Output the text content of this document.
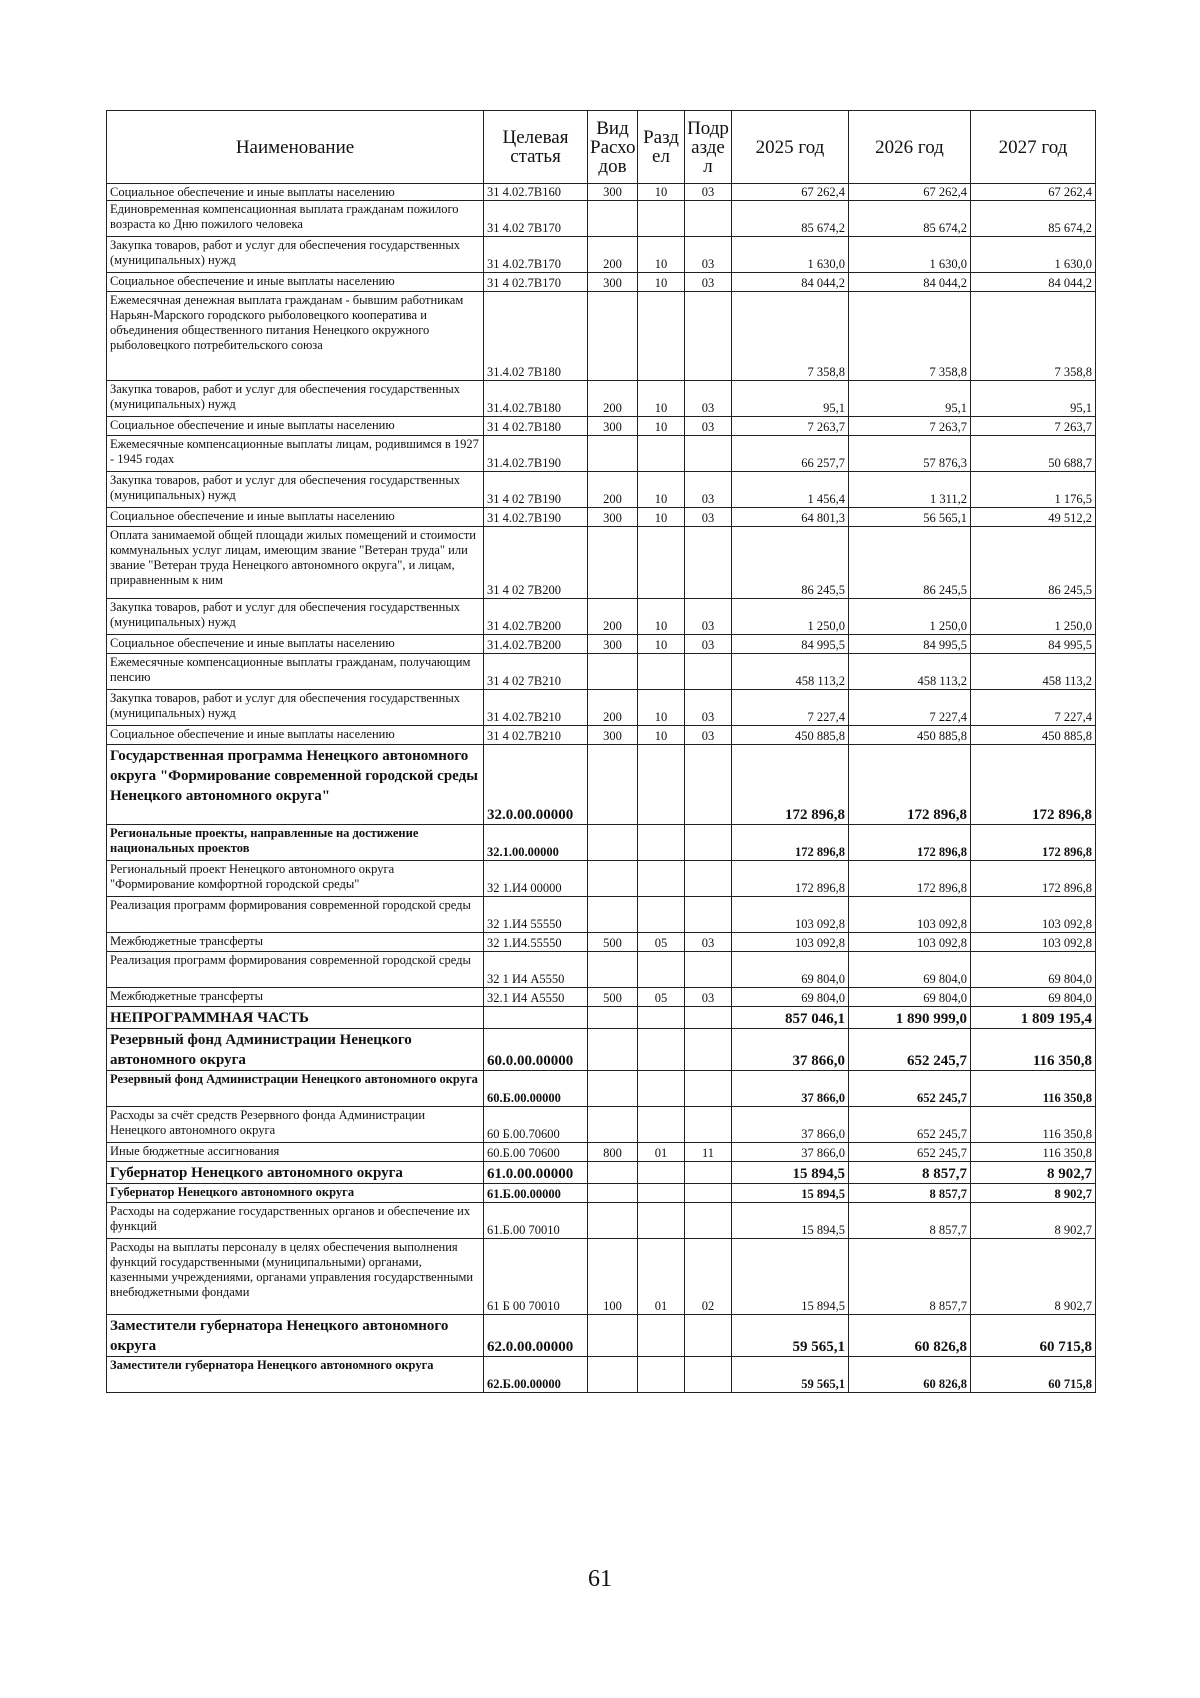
Наименование	Целевая статья	Вид Расхо дов	Разд ел	Подр азде л	2025 год	2026 год	2027 год
Социальное обеспечение и иные выплаты населению	31 4.02.7В160	300	10	03	67 262,4	67 262,4	67 262,4
Единовременная компенсационная выплата гражданам пожилого возраста ко Дню пожилого человека	31 4.02 7В170				85 674,2	85 674,2	85 674,2
Закупка товаров, работ и услуг для обеспечения государственных (муниципальных) нужд	31 4.02.7В170	200	10	03	1 630,0	1 630,0	1 630,0
Социальное обеспечение и иные выплаты населению	31 4 02.7В170	300	10	03	84 044,2	84 044,2	84 044,2
Ежемесячная денежная выплата гражданам - бывшим работникам Нарьян-Марского городского рыболовецкого кооператива и объединения общественного питания Ненецкого окружного рыболовецкого потребительского союза	31.4.02 7В180				7 358,8	7 358,8	7 358,8
Закупка товаров, работ и услуг для обеспечения государственных (муниципальных) нужд	31.4.02.7В180	200	10	03	95,1	95,1	95,1
Социальное обеспечение и иные выплаты населению	31 4 02.7В180	300	10	03	7 263,7	7 263,7	7 263,7
Ежемесячные компенсационные выплаты лицам, родившимся в 1927 - 1945 годах	31.4.02.7В190				66 257,7	57 876,3	50 688,7
Закупка товаров, работ и услуг для обеспечения государственных (муниципальных) нужд	31 4 02 7В190	200	10	03	1 456,4	1 311,2	1 176,5
Социальное обеспечение и иные выплаты населению	31 4.02.7В190	300	10	03	64 801,3	56 565,1	49 512,2
Оплата занимаемой общей площади жилых помещений и стоимости коммунальных услуг лицам, имеющим звание "Ветеран труда" или звание "Ветеран труда Ненецкого автономного округа", и лицам, приравненным к ним	31 4 02 7В200				86 245,5	86 245,5	86 245,5
Закупка товаров, работ и услуг для обеспечения государственных (муниципальных) нужд	31 4.02.7В200	200	10	03	1 250,0	1 250,0	1 250,0
Социальное обеспечение и иные выплаты населению	31.4.02.7В200	300	10	03	84 995,5	84 995,5	84 995,5
Ежемесячные компенсационные выплаты гражданам, получающим пенсию	31 4 02 7В210				458 113,2	458 113,2	458 113,2
Закупка товаров, работ и услуг для обеспечения государственных (муниципальных) нужд	31 4.02.7В210	200	10	03	7 227,4	7 227,4	7 227,4
Социальное обеспечение и иные выплаты населению	31 4 02.7В210	300	10	03	450 885,8	450 885,8	450 885,8
Государственная программа Ненецкого автономного округа "Формирование современной городской среды Ненецкого автономного округа"	32.0.00.00000				172 896,8	172 896,8	172 896,8
Региональные проекты, направленные на достижение национальных проектов	32.1.00.00000				172 896,8	172 896,8	172 896,8
Региональный проект Ненецкого автономного округа "Формирование комфортной городской среды"	32 1.И4 00000				172 896,8	172 896,8	172 896,8
Реализация программ формирования современной городской среды	32 1.И4 55550				103 092,8	103 092,8	103 092,8
Межбюджетные трансферты	32 1.И4.55550	500	05	03	103 092,8	103 092,8	103 092,8
Реализация программ формирования современной городской среды	32 1 И4 А5550				69 804,0	69 804,0	69 804,0
Межбюджетные трансферты	32.1 И4 А5550	500	05	03	69 804,0	69 804,0	69 804,0
НЕПРОГРАММНАЯ ЧАСТЬ					857 046,1	1 890 999,0	1 809 195,4
Резервный фонд Администрации Ненецкого автономного округа	60.0.00.00000				37 866,0	652 245,7	116 350,8
Резервный фонд Администрации Ненецкого автономного округа	60.Б.00.00000				37 866,0	652 245,7	116 350,8
Расходы за счёт средств Резервного фонда Администрации Ненецкого автономного округа	60 Б.00.70600				37 866,0	652 245,7	116 350,8
Иные бюджетные ассигнования	60.Б.00 70600	800	01	11	37 866,0	652 245,7	116 350,8
Губернатор Ненецкого автономного округа	61.0.00.00000				15 894,5	8 857,7	8 902,7
Губернатор Ненецкого автономного округа	61.Б.00.00000				15 894,5	8 857,7	8 902,7
Расходы на содержание государственных органов и обеспечение их функций	61.Б.00 70010				15 894,5	8 857,7	8 902,7
Расходы на выплаты персоналу в целях обеспечения выполнения функций государственными (муниципальными) органами, казенными учреждениями, органами управления государственными внебюджетными фондами	61 Б 00 70010	100	01	02	15 894,5	8 857,7	8 902,7
Заместители губернатора Ненецкого автономного округа	62.0.00.00000				59 565,1	60 826,8	60 715,8
Заместители губернатора Ненецкого автономного округа	62.Б.00.00000				59 565,1	60 826,8	60 715,8
61
